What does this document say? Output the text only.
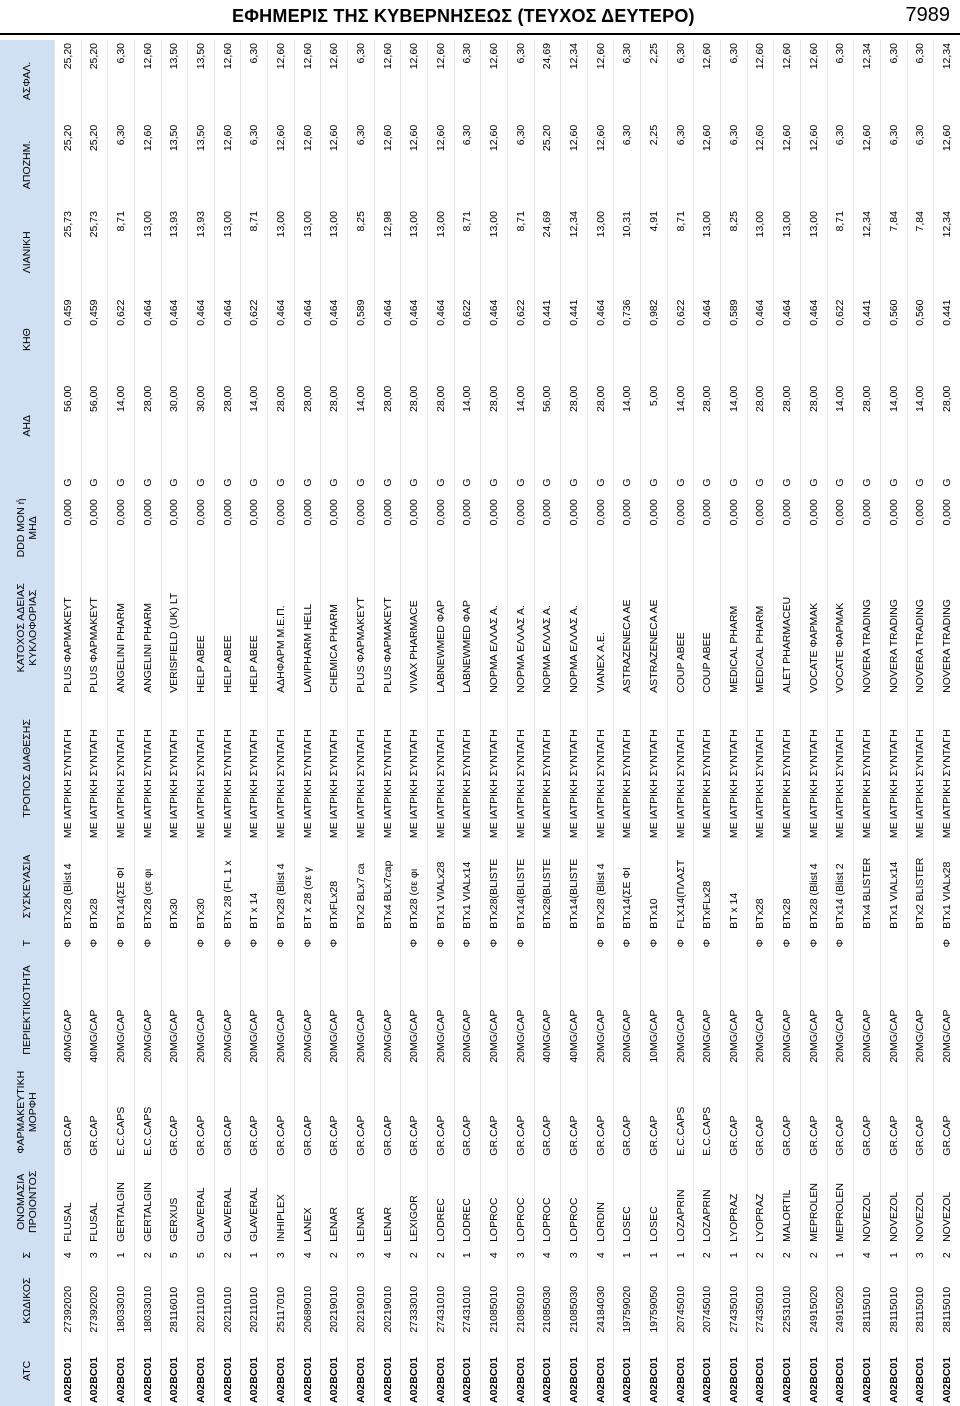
ΕΦΗΜΕΡΙΣ ΤΗΣ ΚΥΒΕΡΝΗΣΕΩΣ (ΤΕΥΧΟΣ ΔΕΥΤΕΡΟ)	7989
ATC	ΚΩΔΙΚΟΣ	Σ	ΟΝΟΜΑΣΙΑ ΠΡΟΙΟΝΤΟΣ	ΦΑΡΜΑΚΕΥΤΙΚΗ ΜΟΡΦΗ	ΠΕΡΙΕΚΤΙΚΟΤΗΤΑ	Τ	ΣΥΣΚΕΥΑΣΙΑ	ΤΡΟΠΟΣ ΔΙΑΘΕΣΗΣ	ΚΑΤΟΧΟΣ ΑΔΕΙΑΣ ΚΥΚΛΟΦΟΡΙΑΣ	DDD ΜΟΝ ή ΜΗΔ		ΑΗΔ	ΚΗΘ	ΛΙΑΝΙΚΗ	ΑΠΟΖΗΜ.	ΑΣΦΑΛ.
A02BC01	27392020	4	FLUSAL	GR.CAP	40MG/CAP	Φ	BTx28 (Blist 4	ΜΕ ΙΑΤΡΙΚΗ ΣΥΝΤΑΓΗ	PLUS ΦΑΡΜΑΚΕΥΤ	0,000	G	56,00	0,459	25,73	25,20	25,20
A02BC01	27392020	3	FLUSAL	GR.CAP	40MG/CAP	Φ	BTx28	ΜΕ ΙΑΤΡΙΚΗ ΣΥΝΤΑΓΗ	PLUS ΦΑΡΜΑΚΕΥΤ	0,000	G	56,00	0,459	25,73	25,20	25,20
A02BC01	18033010	1	GERTALGIN	E.C.CAPS	20MG/CAP	Φ	BTx14(ΣΕ ΦΙ	ΜΕ ΙΑΤΡΙΚΗ ΣΥΝΤΑΓΗ	ANGELINI PHARM	0,000	G	14,00	0,622	8,71	6,30	6,30
A02BC01	18033010	2	GERTALGIN	E.C.CAPS	20MG/CAP	Φ	BTx28 (σε φι	ΜΕ ΙΑΤΡΙΚΗ ΣΥΝΤΑΓΗ	ANGELINI PHARM	0,000	G	28,00	0,464	13,00	12,60	12,60
A02BC01	28116010	5	GERXUS	GR.CAP	20MG/CAP		BTx30	ΜΕ ΙΑΤΡΙΚΗ ΣΥΝΤΑΓΗ	VERISFIELD (UK) LT	0,000	G	30,00	0,464	13,93	13,50	13,50
A02BC01	20211010	5	GLAVERAL	GR.CAP	20MG/CAP	Φ	BTx30	ΜΕ ΙΑΤΡΙΚΗ ΣΥΝΤΑΓΗ	HELP ABEE	0,000	G	30,00	0,464	13,93	13,50	13,50
A02BC01	20211010	2	GLAVERAL	GR.CAP	20MG/CAP	Φ	BTx 28 (FL 1 x	ΜΕ ΙΑΤΡΙΚΗ ΣΥΝΤΑΓΗ	HELP ABEE	0,000	G	28,00	0,464	13,00	12,60	12,60
A02BC01	20211010	1	GLAVERAL	GR.CAP	20MG/CAP	Φ	BT x 14	ΜΕ ΙΑΤΡΙΚΗ ΣΥΝΤΑΓΗ	HELP ABEE	0,000	G	14,00	0,622	8,71	6,30	6,30
A02BC01	25117010	3	INHIPLEX	GR.CAP	20MG/CAP	Φ	BTx28 (Blist 4	ΜΕ ΙΑΤΡΙΚΗ ΣΥΝΤΑΓΗ	ΑΔΗΦΑΡΜ Μ.Ε.Π.	0,000	G	28,00	0,464	13,00	12,60	12,60
A02BC01	20689010	4	LANEX	GR.CAP	20MG/CAP	Φ	BT x 28 (σε γ	ΜΕ ΙΑΤΡΙΚΗ ΣΥΝΤΑΓΗ	LAVIPHARM HELL	0,000	G	28,00	0,464	13,00	12,60	12,60
A02BC01	20219010	2	LENAR	GR.CAP	20MG/CAP	Φ	BTxFLx28	ΜΕ ΙΑΤΡΙΚΗ ΣΥΝΤΑΓΗ	CHEMICA PHARM	0,000	G	28,00	0,464	13,00	12,60	12,60
A02BC01	20219010	3	LENAR	GR.CAP	20MG/CAP		BTx2 BLx7 ca	ΜΕ ΙΑΤΡΙΚΗ ΣΥΝΤΑΓΗ	PLUS ΦΑΡΜΑΚΕΥΤ	0,000	G	14,00	0,589	8,25	6,30	6,30
A02BC01	20219010	4	LENAR	GR.CAP	20MG/CAP		BTx4 BLx7cap	ΜΕ ΙΑΤΡΙΚΗ ΣΥΝΤΑΓΗ	PLUS ΦΑΡΜΑΚΕΥΤ	0,000	G	28,00	0,464	12,98	12,60	12,60
A02BC01	27333010	2	LEXIGOR	GR.CAP	20MG/CAP	Φ	BTx28 (σε φι	ΜΕ ΙΑΤΡΙΚΗ ΣΥΝΤΑΓΗ	VIVAX PHARMACE	0,000	G	28,00	0,464	13,00	12,60	12,60
A02BC01	27431010	2	LODREC	GR.CAP	20MG/CAP	Φ	BTx1 VIALx28	ΜΕ ΙΑΤΡΙΚΗ ΣΥΝΤΑΓΗ	LABNEWMED ΦΑΡ	0,000	G	28,00	0,464	13,00	12,60	12,60
A02BC01	27431010	1	LODREC	GR.CAP	20MG/CAP	Φ	BTx1 VIALx14	ΜΕ ΙΑΤΡΙΚΗ ΣΥΝΤΑΓΗ	LABNEWMED ΦΑΡ	0,000	G	14,00	0,622	8,71	6,30	6,30
A02BC01	21085010	4	LOPROC	GR.CAP	20MG/CAP	Φ	BTx28(BLISTE	ΜΕ ΙΑΤΡΙΚΗ ΣΥΝΤΑΓΗ	ΝΟΡΜΑ ΕΛΛΑΣ Α.	0,000	G	28,00	0,464	13,00	12,60	12,60
A02BC01	21085010	3	LOPROC	GR.CAP	20MG/CAP	Φ	BTx14(BLISTE	ΜΕ ΙΑΤΡΙΚΗ ΣΥΝΤΑΓΗ	ΝΟΡΜΑ ΕΛΛΑΣ Α.	0,000	G	14,00	0,622	8,71	6,30	6,30
A02BC01	21085030	4	LOPROC	GR.CAP	40MG/CAP		BTx28(BLISTE	ΜΕ ΙΑΤΡΙΚΗ ΣΥΝΤΑΓΗ	ΝΟΡΜΑ ΕΛΛΑΣ Α.	0,000	G	56,00	0,441	24,69	25,20	24,69
A02BC01	21085030	3	LOPROC	GR.CAP	40MG/CAP		BTx14(BLISTE	ΜΕ ΙΑΤΡΙΚΗ ΣΥΝΤΑΓΗ	ΝΟΡΜΑ ΕΛΛΑΣ Α.	0,000	G	28,00	0,441	12,34	12,60	12,34
A02BC01	24184030	4	LORDIN	GR.CAP	20MG/CAP	Φ	BTx28 (Blist 4	ΜΕ ΙΑΤΡΙΚΗ ΣΥΝΤΑΓΗ	VIANEX A.E.	0,000	G	28,00	0,464	13,00	12,60	12,60
A02BC01	19759020	1	LOSEC	GR.CAP	20MG/CAP	Φ	BTx14(ΣΕ ΦΙ	ΜΕ ΙΑΤΡΙΚΗ ΣΥΝΤΑΓΗ	ASTRAZENECA AE	0,000	G	14,00	0,736	10,31	6,30	6,30
A02BC01	19759050	1	LOSEC	GR.CAP	10MG/CAP	Φ	BTx10	ΜΕ ΙΑΤΡΙΚΗ ΣΥΝΤΑΓΗ	ASTRAZENECA AE	0,000	G	5,00	0,982	4,91	2,25	2,25
A02BC01	20745010	1	LOZAPRIN	E.C.CAPS	20MG/CAP	Φ	FLX14(ΠΛΑΣΤ	ΜΕ ΙΑΤΡΙΚΗ ΣΥΝΤΑΓΗ	COUP ABEE	0,000	G	14,00	0,622	8,71	6,30	6,30
A02BC01	20745010	2	LOZAPRIN	E.C.CAPS	20MG/CAP	Φ	BTxFLx28	ΜΕ ΙΑΤΡΙΚΗ ΣΥΝΤΑΓΗ	COUP ABEE	0,000	G	28,00	0,464	13,00	12,60	12,60
A02BC01	27435010	1	LYOPRAZ	GR.CAP	20MG/CAP		BT x 14	ΜΕ ΙΑΤΡΙΚΗ ΣΥΝΤΑΓΗ	MEDICAL PHARM	0,000	G	14,00	0,589	8,25	6,30	6,30
A02BC01	27435010	2	LYOPRAZ	GR.CAP	20MG/CAP	Φ	BTx28	ΜΕ ΙΑΤΡΙΚΗ ΣΥΝΤΑΓΗ	MEDICAL PHARM	0,000	G	28,00	0,464	13,00	12,60	12,60
A02BC01	22531010	2	MALORTIL	GR.CAP	20MG/CAP	Φ	BTx28	ΜΕ ΙΑΤΡΙΚΗ ΣΥΝΤΑΓΗ	ALET PHARMACEU	0,000	G	28,00	0,464	13,00	12,60	12,60
A02BC01	24915020	2	MEPROLEN	GR.CAP	20MG/CAP	Φ	BTx28 (Blist 4	ΜΕ ΙΑΤΡΙΚΗ ΣΥΝΤΑΓΗ	VOCATE ΦΑΡΜΑΚ	0,000	G	28,00	0,464	13,00	12,60	12,60
A02BC01	24915020	1	MEPROLEN	GR.CAP	20MG/CAP	Φ	BTx14 (Blist 2	ΜΕ ΙΑΤΡΙΚΗ ΣΥΝΤΑΓΗ	VOCATE ΦΑΡΜΑΚ	0,000	G	14,00	0,622	8,71	6,30	6,30
A02BC01	28115010	4	NOVEZOL	GR.CAP	20MG/CAP		BTx4 BLISTER	ΜΕ ΙΑΤΡΙΚΗ ΣΥΝΤΑΓΗ	NOVERA TRADING	0,000	G	28,00	0,441	12,34	12,60	12,34
A02BC01	28115010	1	NOVEZOL	GR.CAP	20MG/CAP		BTx1 VIALx14	ΜΕ ΙΑΤΡΙΚΗ ΣΥΝΤΑΓΗ	NOVERA TRADING	0,000	G	14,00	0,560	7,84	6,30	6,30
A02BC01	28115010	3	NOVEZOL	GR.CAP	20MG/CAP		BTx2 BLISTER	ΜΕ ΙΑΤΡΙΚΗ ΣΥΝΤΑΓΗ	NOVERA TRADING	0,000	G	14,00	0,560	7,84	6,30	6,30
A02BC01	28115010	2	NOVEZOL	GR.CAP	20MG/CAP	Φ	BTx1 VIALx28	ΜΕ ΙΑΤΡΙΚΗ ΣΥΝΤΑΓΗ	NOVERA TRADING	0,000	G	28,00	0,441	12,34	12,60	12,34
